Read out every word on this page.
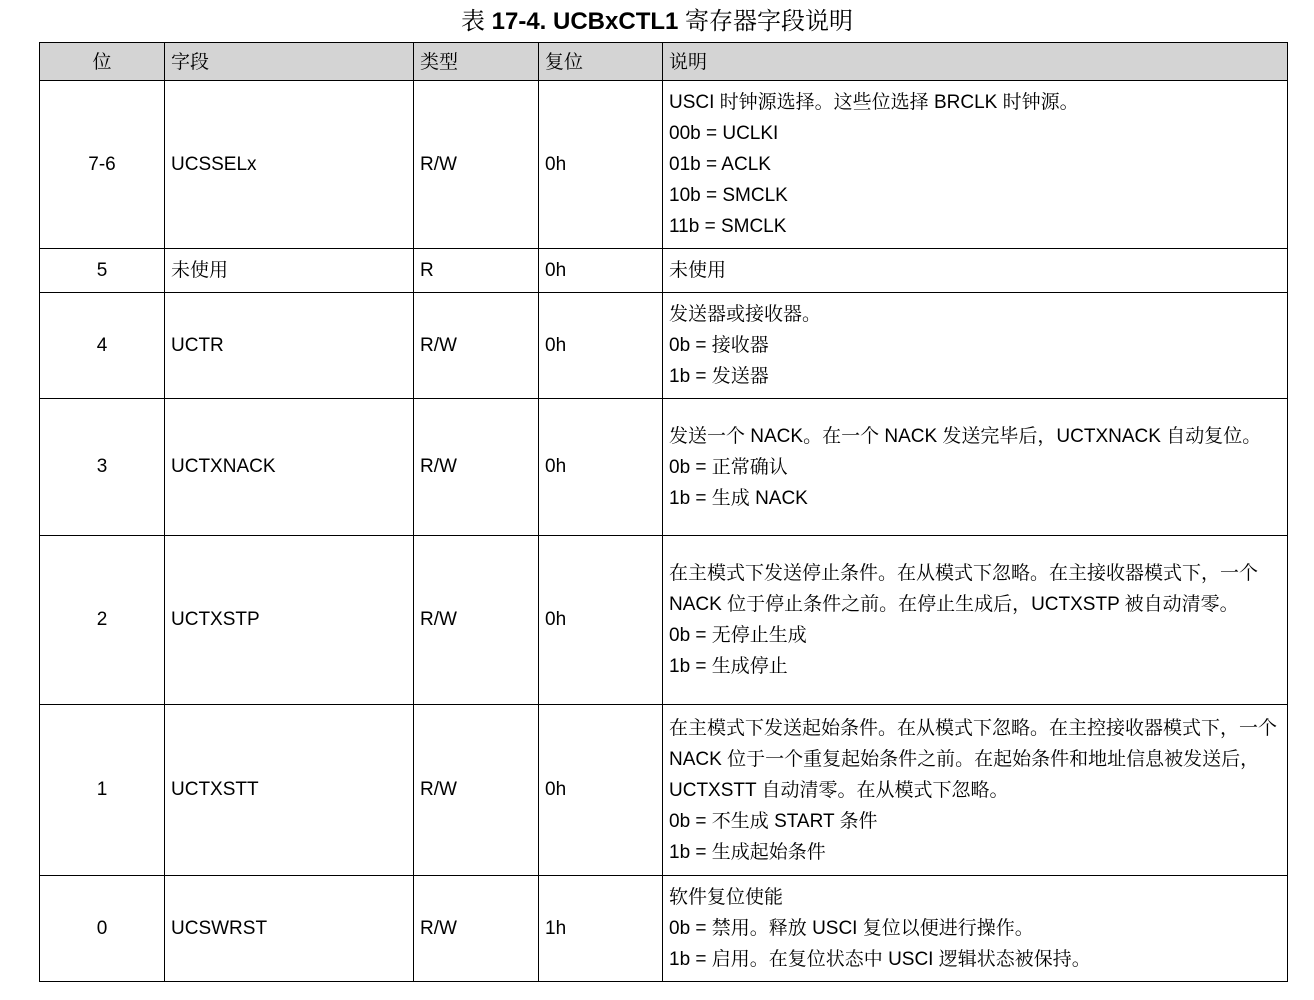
表 17-4. UCBxCTL1 寄存器字段说明
位	字段	类型	复位	说明
7-6	UCSSELx	R/W	0h	USCI 时钟源选择。这些位选择 BRCLK 时钟源。
00b = UCLKI
01b = ACLK
10b = SMCLK
11b = SMCLK

5	未使用	R	0h	未使用

4	UCTR	R/W	0h	发送器或接收器。
0b = 接收器
1b = 发送器

3	UCTXNACK	R/W	0h	发送一个 NACK。在一个 NACK 发送完毕后，UCTXNACK 自动复位。
0b = 正常确认
1b = 生成 NACK

2	UCTXSTP	R/W	0h	在主模式下发送停止条件。在从模式下忽略。在主接收器模式下，一个 NACK 位于停止条件之前。在停止生成后，UCTXSTP 被自动清零。
0b = 无停止生成
1b = 生成停止

1	UCTXSTT	R/W	0h	在主模式下发送起始条件。在从模式下忽略。在主控接收器模式下，一个 NACK 位于一个重复起始条件之前。在起始条件和地址信息被发送后，UCTXSTT 自动清零。在从模式下忽略。
0b = 不生成 START 条件
1b = 生成起始条件

0	UCSWRST	R/W	1h	软件复位使能
0b = 禁用。释放 USCI 复位以便进行操作。
1b = 启用。在复位状态中 USCI 逻辑状态被保持。
